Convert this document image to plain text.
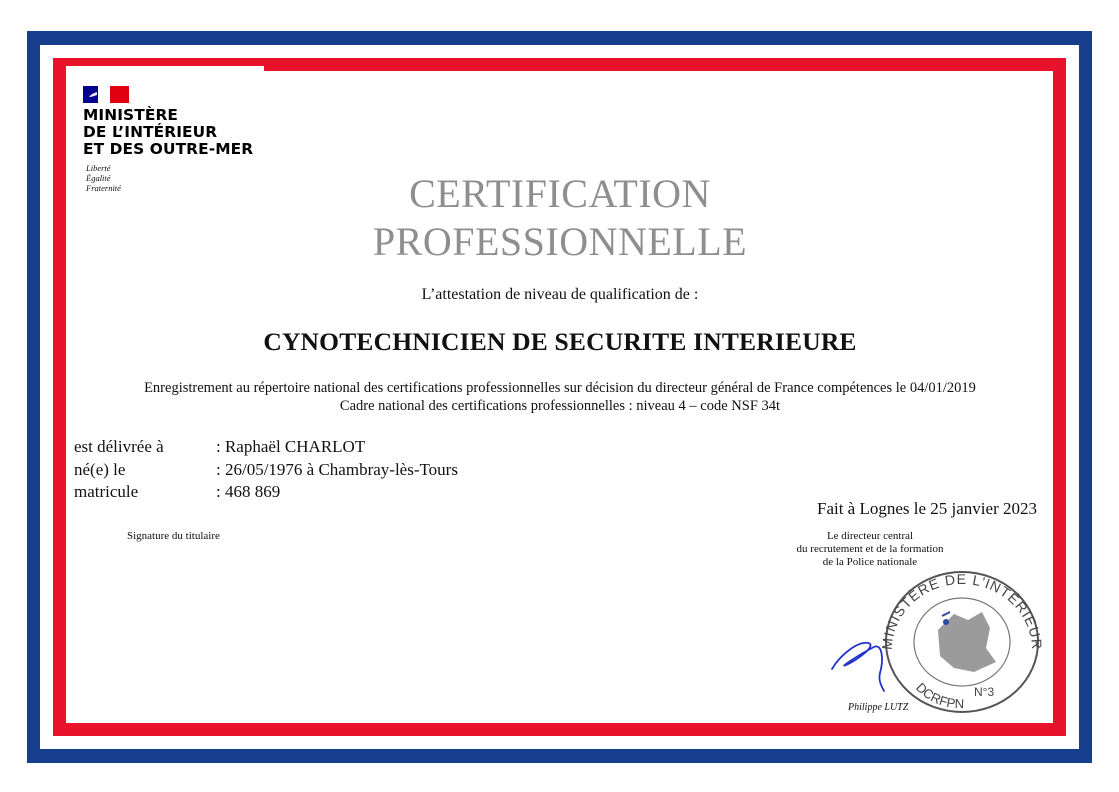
MINISTÈRE
DE L’INTÉRIEUR
ET DES OUTRE-MER
Liberté
Égalité
Fraternité	CERTIFICATION
PROFESSIONNELLE
L’attestation de niveau de qualification de :
CYNOTECHNICIEN DE SECURITE INTERIEURE
Enregistrement au répertoire national des certifications professionnelles sur décision du directeur général de France compétences le 04/01/2019
Cadre national des certifications professionnelles : niveau 4 – code NSF 34t
est délivrée à
né(e) le
matricule
: Raphaël CHARLOT
: 26/05/1976 à Chambray-lès-Tours
: 468 869
Fait à Lognes le 25 janvier 2023
Signature du titulaire	Le directeur central
du recrutement et de la formation
de la Police nationale
MINISTÈRE DE L'INTÉRIEUR
DCRFPN
N°3
Philippe LUTZ
